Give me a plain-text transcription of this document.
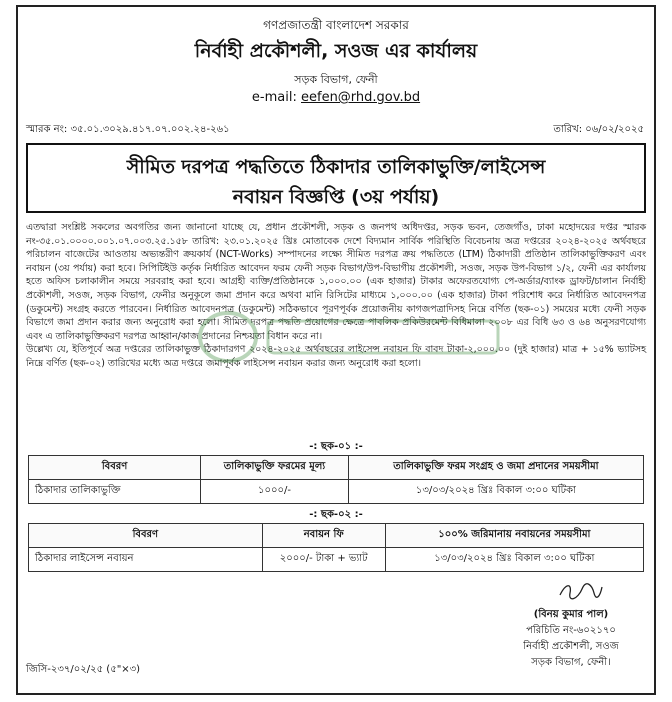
গণপ্রজাতন্ত্রী বাংলাদেশ সরকার
নির্বাহী প্রকৌশলী, সওজ এর কার্যালয়
সড়ক বিভাগ, ফেনী
e-mail: eefen@rhd.gov.bd
স্মারক নং: ৩৫.০১.৩০২৯.৪১৭.০৭.০০২.২৪-২৬১	তারিখ: ০৬/০২/২০২৫
সীমিত দরপত্র পদ্ধতিতে ঠিকাদার তালিকাভুক্তি/লাইসেন্স
নবায়ন বিজ্ঞপ্তি (৩য় পর্যায়)

এতদ্বারা সংশ্লিষ্ট সকলের অবগতির জন্য জানানো যাচ্ছে যে, প্রধান প্রকৌশলী, সড়ক ও জনপথ অধিদপ্তর, সড়ক ভবন, তেজগাঁও, ঢাকা মহোদয়ের দপ্তর স্মারক নং-৩৫.০১.০০০০.০০১.০৭.০০৩.২৫.১৫৮ তারিখ: ২৩.০১.২০২৫ খ্রিঃ মোতাবেক দেশে বিদ্যমান সার্বিক পরিস্থিতি বিবেচনায় অত্র দপ্তরের ২০২৪-২০২৫ অর্থবছরে পরিচালন বাজেটের আওতায় অভ্যন্তরীণ ক্রয়কার্য (NCT-Works) সম্পাদনের লক্ষ্যে সীমিত দরপত্র ক্রয় পদ্ধতিতে (LTM) ঠিকাদারী প্রতিষ্ঠান তালিকাভুক্তিকরণ এবং নবায়ন (৩য় পর্যায়) করা হবে। সিপিটিইউ কর্তৃক নির্ধারিত আবেদন ফরম ফেনী সড়ক বিভাগ/উপ-বিভাগীয় প্রকৌশলী, সওজ, সড়ক উপ-বিভাগ ১/২, ফেনী এর কার্যালয় হতে অফিস চলাকালীন সময়ে সরবরাহ করা হবে। আগ্রহী ব্যক্তি/প্রতিষ্ঠানকে ১,০০০.০০ (এক হাজার) টাকার অফেরতযোগ্য পে-অর্ডার/ব্যাংক ড্রাফট/চালান নির্বাহী প্রকৌশলী, সওজ, সড়ক বিভাগ, ফেনীর অনুকূলে জমা প্রদান করে অথবা মানি রিসিটের মাধ্যমে ১,০০০.০০ (এক হাজার) টাকা পরিশোধ করে নির্ধারিত আবেদনপত্র (ডকুমেন্ট) সংগ্রহ করতে পারবেন। নির্ধারিত আবেদনপত্র (ডকুমেন্ট) সঠিকভাবে পূরণপূর্বক প্রয়োজনীয় কাগজপত্রাদিসহ নিম্নে বর্ণিত (ছক-০১) সময়ের মধ্যে ফেনী সড়ক বিভাগে জমা প্রদান করার জন্য অনুরোধ করা হলো। সীমিত দরপত্র পদ্ধতি প্রয়োগের ক্ষেত্রে পাবলিক প্রকিউরমেন্ট বিধিমালা ২০০৮ এর বিধি ৬৩ ও ৬৪ অনুসরণযোগ্য এবং এ তালিকাভুক্তিকরণ দরপত্র আহ্বান/কাজ প্রদানের নিশ্চয়তা বিধান করে না।

উল্লেখ্য যে, ইতিপূর্বে অত্র দপ্তরের তালিকাভুক্ত ঠিকাদারগণ ২০২৪-২০২৫ অর্থবছরের লাইসেন্স নবায়ন ফি বাবদ টাকা-২,০০০.০০ (দুই হাজার) মাত্র + ১৫% ভ্যাটসহ নিম্নে বর্ণিত (ছক-০২) তারিখের মধ্যে অত্র দপ্তরে জমাপূর্বক লাইসেন্স নবায়ন করার জন্য অনুরোধ করা হলো।

-: ছক-০১ :-
বিবরণ	তালিকাভুক্তি ফরমের মূল্য	তালিকাভুক্তি ফরম সংগ্রহ ও জমা প্রদানের সময়সীমা
ঠিকাদার তালিকাভুক্তি	১০০০/-	১৩/০৩/২০২৪ খ্রিঃ বিকাল ৩:০০ ঘটিকা
-: ছক-০২ :-
বিবরণ	নবায়ন ফি	১০০% জরিমানায় নবায়নের সময়সীমা
ঠিকাদার লাইসেন্স নবায়ন	২০০০/- টাকা + ভ্যাট	১৩/০৩/২০২৪ খ্রিঃ বিকাল ৩:০০ ঘটিকা
(বিনয় কুমার পাল)
পরিচিতি নং-৬০২১৭০
নির্বাহী প্রকৌশলী, সওজ
সড়ক বিভাগ, ফেনী।
জিসি-২৩৭/০২/২৫ (৫"×৩)
